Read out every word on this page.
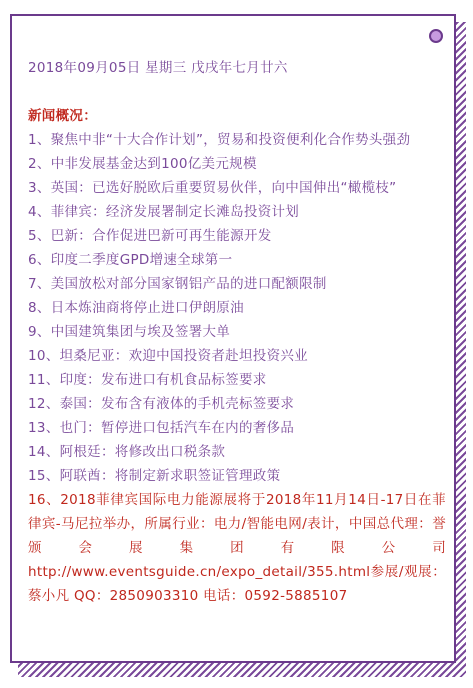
2018年09月05日 星期三 戊戌年七月廿六
新闻概况：
1、聚焦中非“十大合作计划”，贸易和投资便利化合作势头强劲
2、中非发展基金达到100亿美元规模
3、英国：已选好脱欧后重要贸易伙伴，向中国伸出“橄榄枝”
4、菲律宾：经济发展署制定长滩岛投资计划
5、巴新：合作促进巴新可再生能源开发
6、印度二季度GPD增速全球第一
7、美国放松对部分国家钢铝产品的进口配额限制
8、日本炼油商将停止进口伊朗原油
9、中国建筑集团与埃及签署大单
10、坦桑尼亚：欢迎中国投资者赴坦投资兴业
11、印度：发布进口有机食品标签要求
12、泰国：发布含有液体的手机壳标签要求
13、也门：暂停进口包括汽车在内的奢侈品
14、阿根廷：将修改出口税条款
15、阿联酋：将制定新求职签证管理政策
16、2018菲律宾国际电力能源展将于2018年11月14日-17日在菲律宾-马尼拉举办，所属行业：电力/智能电网/表计，中国总代理：誉颁会展集团有限公司http://www.eventsguide.cn/expo_detail/355.html参展/观展：蔡小凡 QQ：2850903310 电话：0592-5885107
